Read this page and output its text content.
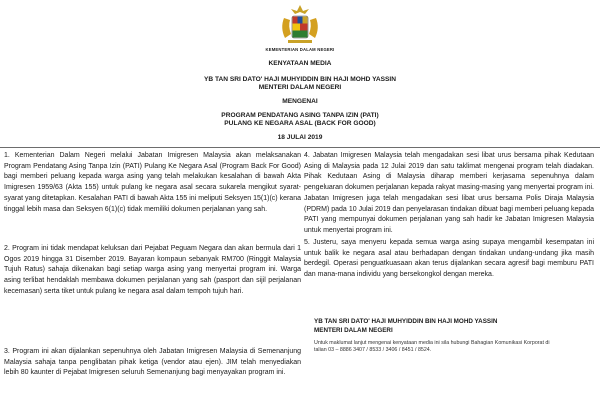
KEMENTERIAN DALAM NEGERI
KENYATAAN MEDIA
YB TAN SRI DATO' HAJI MUHYIDDIN BIN HAJI MOHD YASSIN
MENTERI DALAM NEGERI
MENGENAI
PROGRAM PENDATANG ASING TANPA IZIN (PATI)
PULANG KE NEGARA ASAL (BACK FOR GOOD)
18 JULAI 2019

1. Kementerian Dalam Negeri melalui Jabatan Imigresen Malaysia akan melaksanakan Program Pendatang Asing Tanpa Izin (PATI) Pulang Ke Negara Asal (Program Back For Good) bagi memberi peluang kepada warga asing yang telah melakukan kesalahan di bawah Akta Imigresen 1959/63 (Akta 155) untuk pulang ke negara asal secara sukarela mengikut syarat-syarat yang ditetapkan. Kesalahan PATI di bawah Akta 155 ini meliputi Seksyen 15(1)(c) kerana tinggal lebih masa dan Seksyen 6(1)(c) tidak memiliki dokumen perjalanan yang sah.

2. Program ini tidak mendapat keluksan dari Pejabat Peguam Negara dan akan bermula dari 1 Ogos 2019 hingga 31 Disember 2019. Bayaran kompaun sebanyak RM700 (Ringgit Malaysia Tujuh Ratus) sahaja dikenakan bagi setiap warga asing yang menyertai program ini. Warga asing terlibat hendaklah membawa dokumen perjalanan yang sah (pasport dan sijil perjalanan kecemasan) serta tiket untuk pulang ke negara asal dalam tempoh tujuh hari.

3. Program ini akan dijalankan sepenuhnya oleh Jabatan Imigresen Malaysia di Semenanjung Malaysia sahaja tanpa penglibatan pihak ketiga (vendor atau ejen). JIM telah menyediakan lebih 80 kaunter di Pejabat Imigresen seluruh Semenanjung bagi menyayakan program ini.

4. Jabatan Imigresen Malaysia telah mengadakan sesi libat urus bersama pihak Kedutaan Asing di Malaysia pada 12 Julai 2019 dan satu taklimat mengenai program telah diadakan. Pihak Kedutaan Asing di Malaysia diharap memberi kerjasama sepenuhnya dalam pengeluaran dokumen perjalanan kepada rakyat masing-masing yang menyertai program ini. Jabatan Imigresen juga telah mengadakan sesi libat urus bersama Polis Diraja Malaysia (PDRM) pada 10 Julai 2019 dan penyelarasan tindakan dibuat bagi memberi peluang kepada PATI yang mempunyai dokumen perjalanan yang sah hadir ke Jabatan Imigresen Malaysia untuk menyertai program ini.

5. Justeru, saya menyeru kepada semua warga asing supaya mengambil kesempatan ini untuk balik ke negara asal atau berhadapan dengan tindakan undang-undang jika masih berdegil. Operasi penguatkuasaan akan terus dijalankan secara agresif bagi memburu PATI dan mana-mana individu yang bersekongkol dengan mereka.

YB TAN SRI DATO' HAJI MUHYIDDIN BIN HAJI MOHD YASSIN
MENTERI DALAM NEGERI
Untuk maklumat lanjut mengenai kenyataan media ini sila hubungi Bahagian Komunikasi Korporat di
talian 03 – 8886 3407 / 8533 / 3406 / 8451 / 8524.
